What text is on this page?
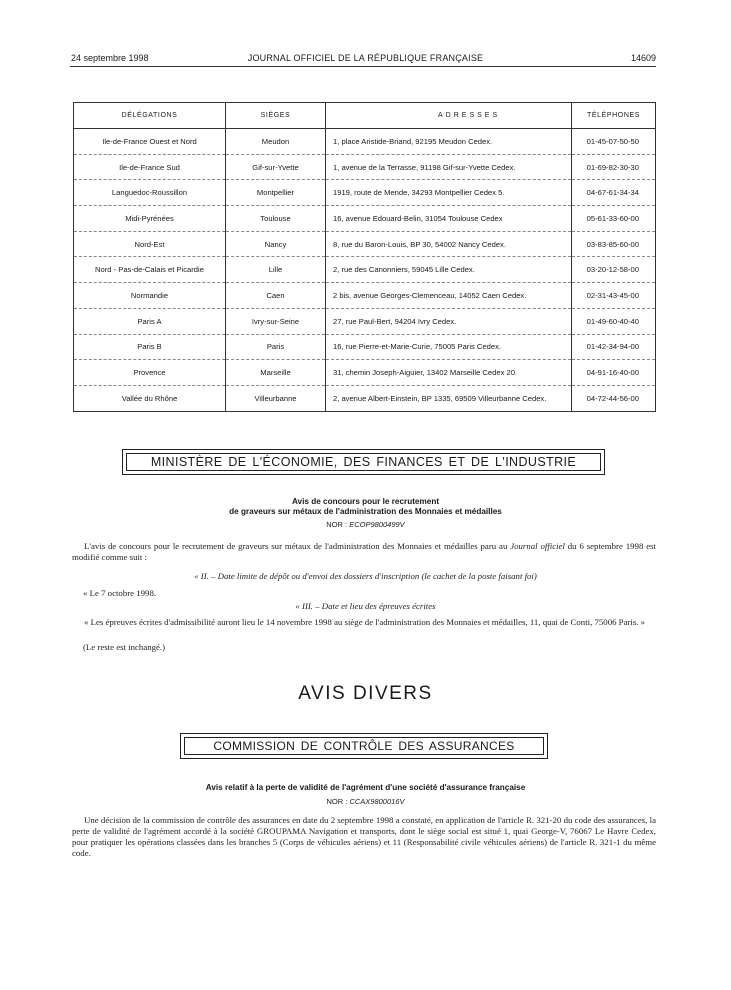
24 septembre 1998	JOURNAL OFFICIEL DE LA RÉPUBLIQUE FRANÇAISE	14609
DÉLÉGATIONS	SIÈGES	ADRESSES	TÉLÉPHONES
Ile-de-France Ouest et Nord	Meudon	1, place Aristide-Briand, 92195 Meudon Cedex.	01-45-07-50-50
Ile-de-France Sud	Gif-sur-Yvette	1, avenue de la Terrasse, 91198 Gif-sur-Yvette Cedex.	01-69-82-30-30
Languedoc-Roussillon	Montpellier	1919, route de Mende, 34293 Montpellier Cedex 5.	04-67-61-34-34
Midi-Pyrénées	Toulouse	16, avenue Edouard-Belin, 31054 Toulouse Cedex	05-61-33-60-00
Nord-Est	Nancy	8, rue du Baron-Louis, BP 30, 54002 Nancy Cedex.	03-83-85-60-00
Nord - Pas-de-Calais et Picardie	Lille	2, rue des Canonniers, 59045 Lille Cedex.	03-20-12-58-00
Normandie	Caen	2 bis, avenue Georges-Clemenceau, 14052 Caen Cedex.	02-31-43-45-00
Paris A	Ivry-sur-Seine	27, rue Paul-Bert, 94204 Ivry Cedex.	01-49-60-40-40
Paris B	Paris	16, rue Pierre-et-Marie-Curie, 75005 Paris Cedex.	01-42-34-94-00
Provence	Marseille	31, chemin Joseph-Aiguier, 13402 Marseille Cedex 20.	04-91-16-40-00
Vallée du Rhône	Villeurbanne	2, avenue Albert-Einstein, BP 1335, 69509 Villeurbanne Cedex.	04-72-44-56-00
MINISTÈRE DE L'ÉCONOMIE, DES FINANCES ET DE L'INDUSTRIE
Avis de concours pour le recrutement
de graveurs sur métaux de l'administration des Monnaies et médailles
NOR : ECOP9800499V

L'avis de concours pour le recrutement de graveurs sur métaux de l'administration des Monnaies et médailles paru au Journal officiel du 6 septembre 1998 est modifié comme suit :

« II. – Date limite de dépôt ou d'envoi des dossiers d'inscription (le cachet de la poste faisant foi)
« Le 7 octobre 1998.
« III. – Date et lieu des épreuves écrites

« Les épreuves écrites d'admissibilité auront lieu le 14 novembre 1998 au siège de l'administration des Monnaies et médailles, 11, quai de Conti, 75006 Paris. »

(Le reste est inchangé.)
AVIS DIVERS
COMMISSION DE CONTRÔLE DES ASSURANCES
Avis relatif à la perte de validité de l'agrément d'une société d'assurance française
NOR : CCAX9800016V

Une décision de la commission de contrôle des assurances en date du 2 septembre 1998 a constaté, en application de l'article R. 321-20 du code des assurances, la perte de validité de l'agrément accordé à la société GROUPAMA Navigation et transports, dont le siège social est situé 1, quai George-V, 76067 Le Havre Cedex, pour pratiquer les opérations classées dans les branches 5 (Corps de véhicules aériens) et 11 (Responsabilité civile véhicules aériens) de l'article R. 321-1 du même code.
